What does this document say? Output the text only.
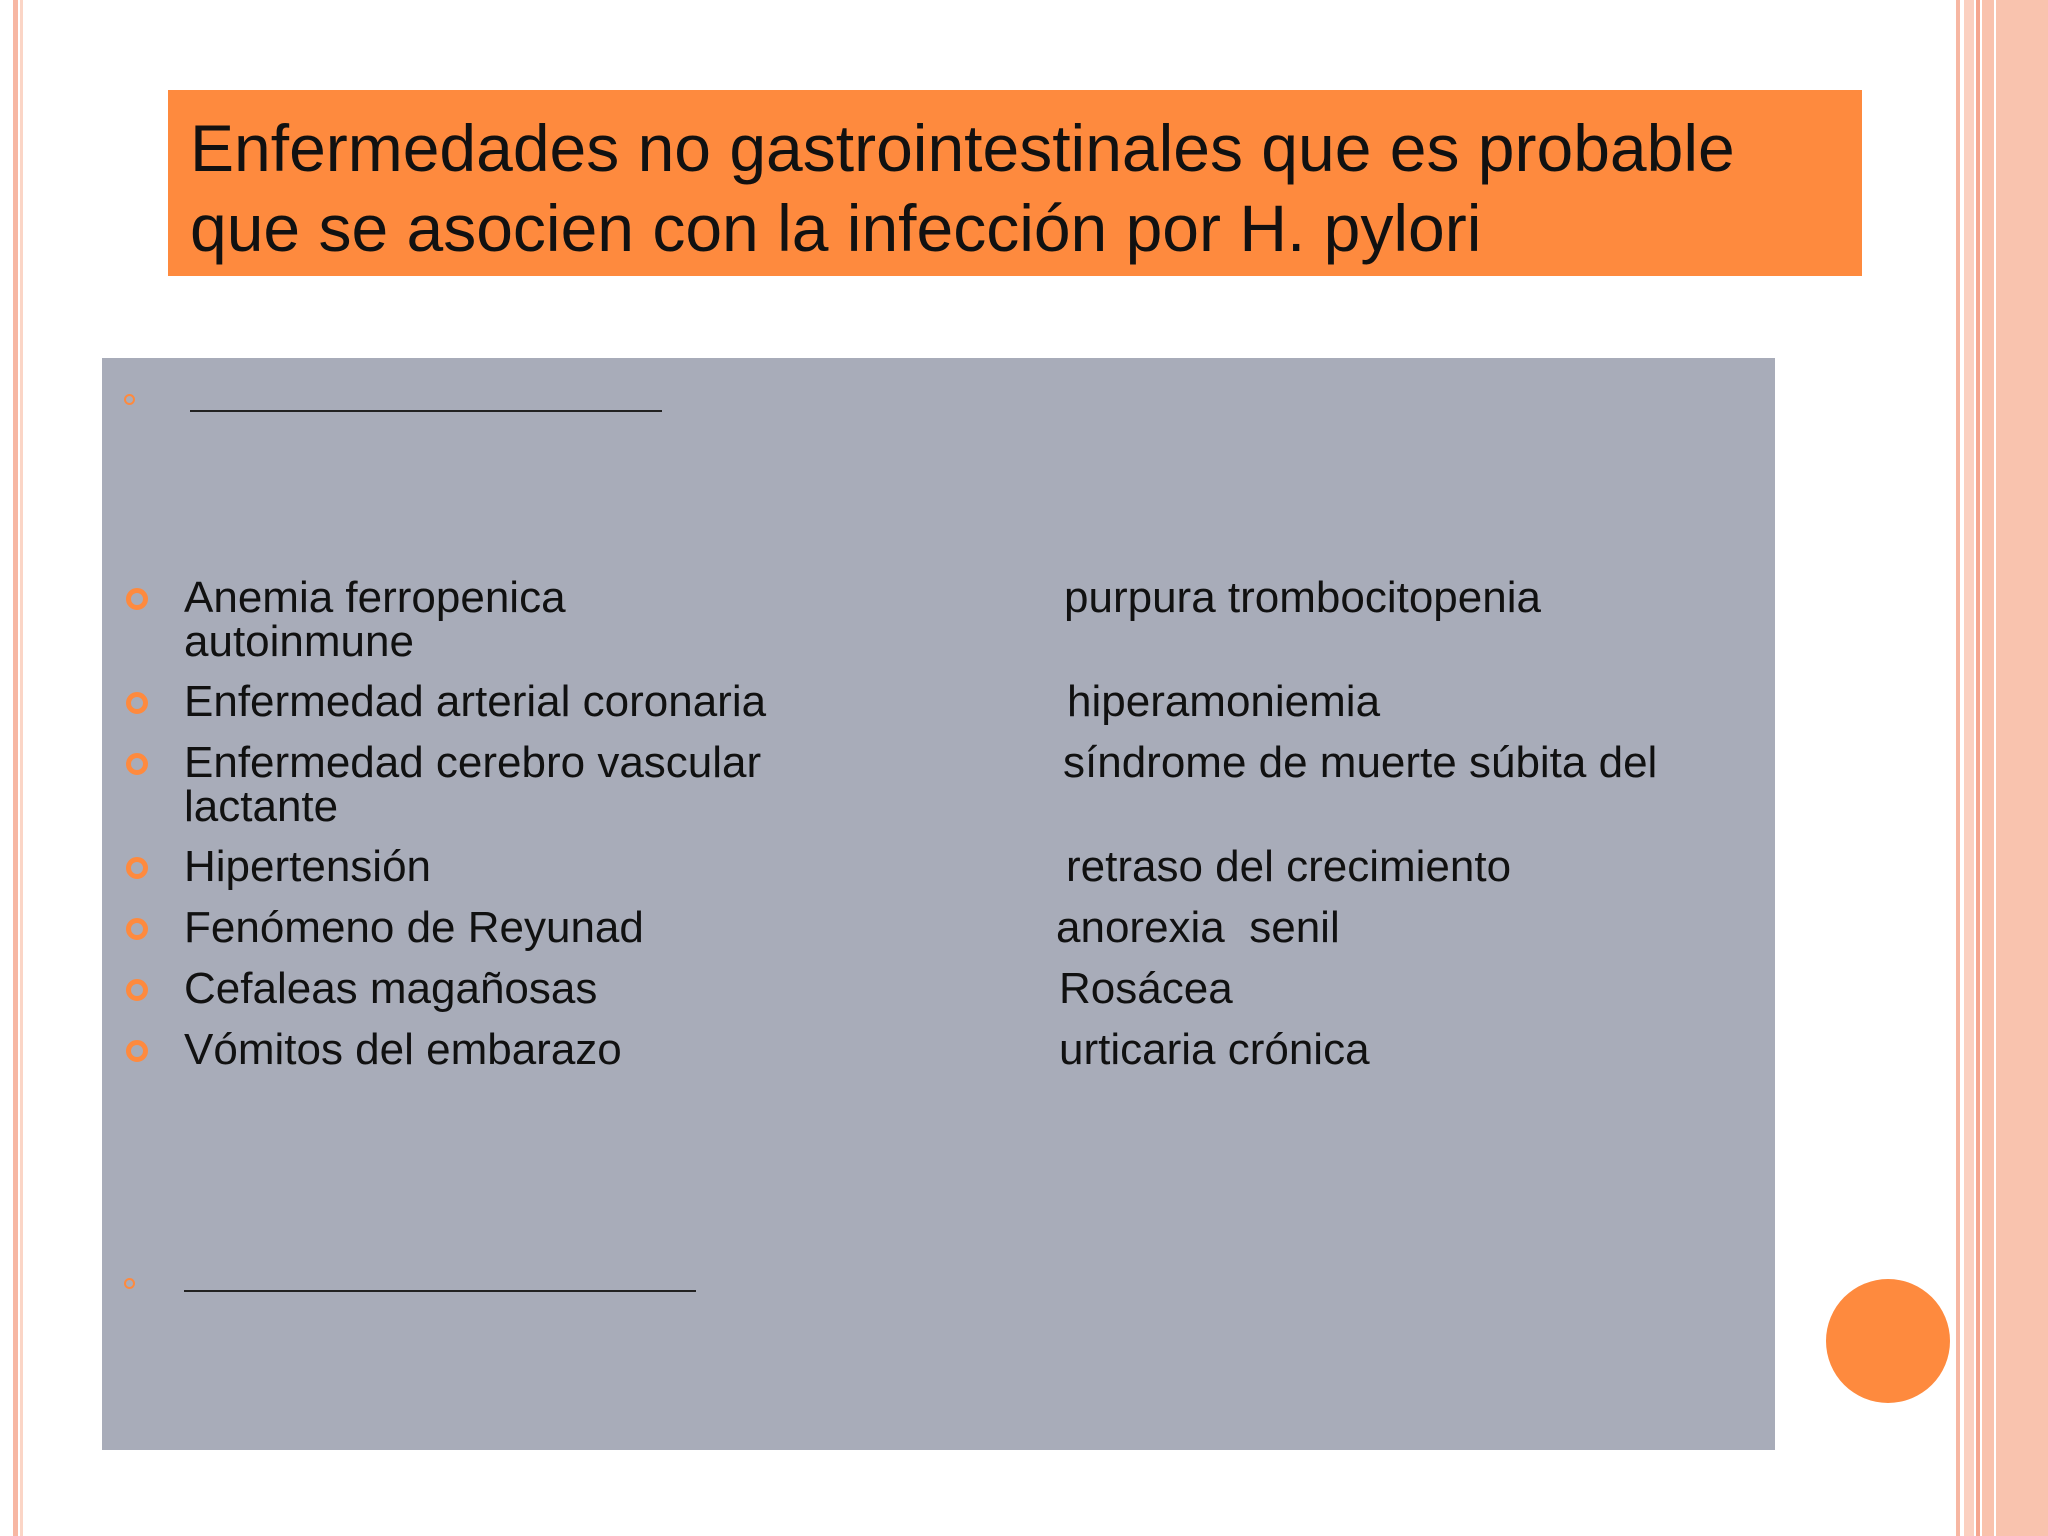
Enfermedades no gastrointestinales que es probable que se asocien con la infección por H. pylori
Anemia ferropenica	purpura trombocitopenia
autoinmune
Enfermedad arterial coronaria	hiperamoniemia
Enfermedad cerebro vascular	síndrome de muerte súbita del
lactante
Hipertensión	retraso del crecimiento
Fenómeno de Reyunad	anorexia  senil
Cefaleas magañosas	Rosácea
Vómitos del embarazo	urticaria crónica
